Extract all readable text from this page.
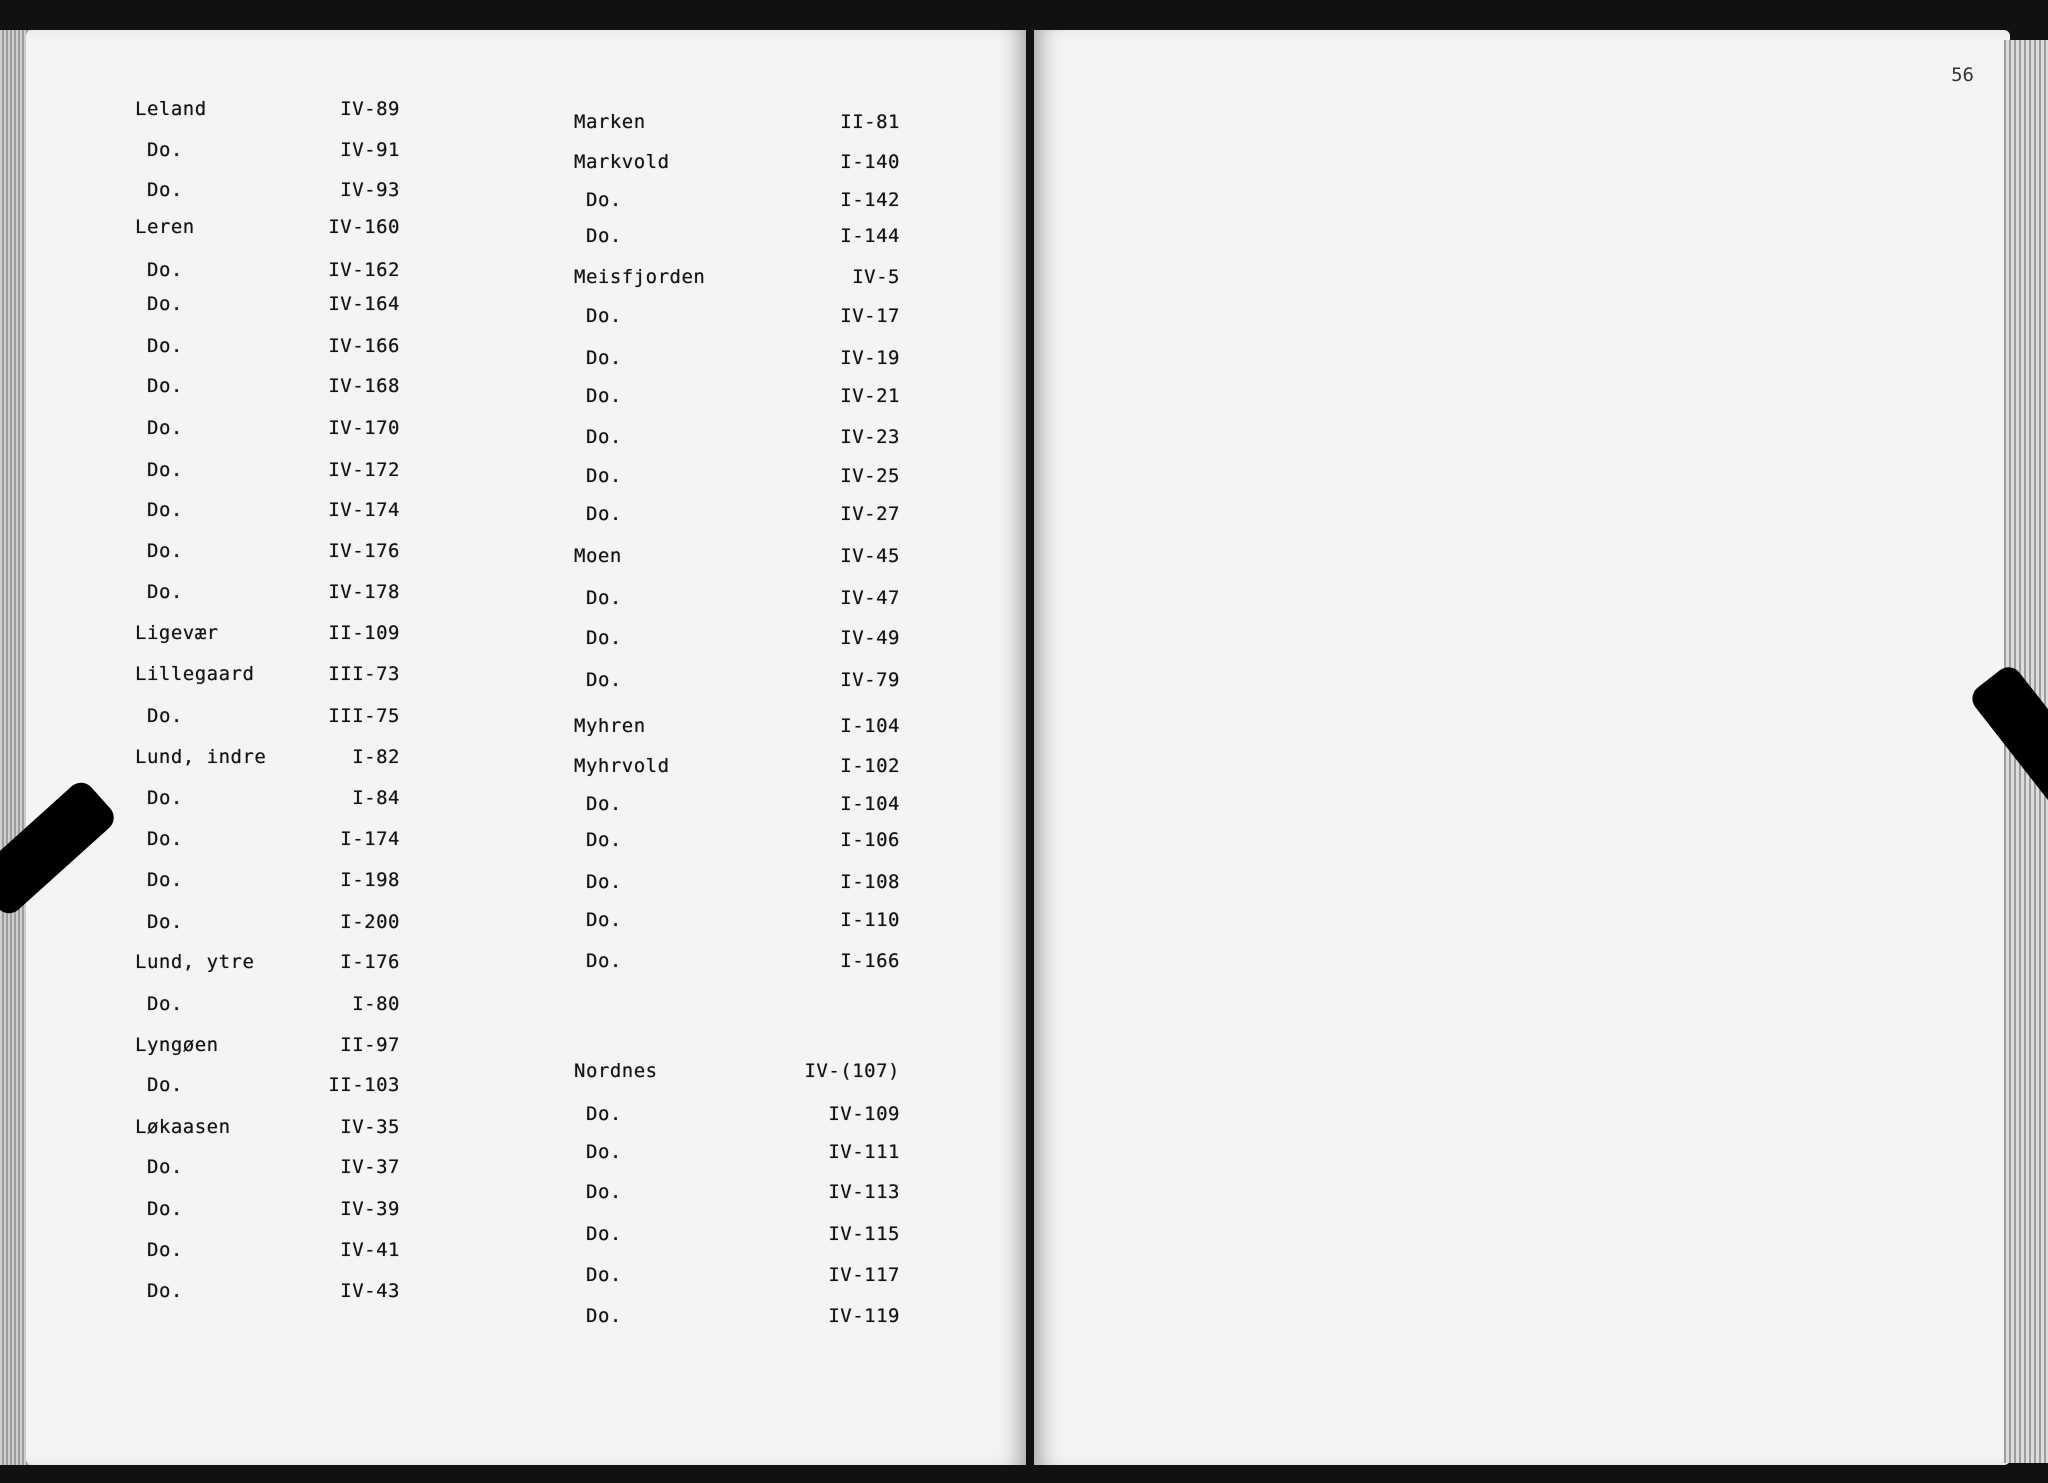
Leland	IV-89
Do.	IV-91
Do.	IV-93
Leren	IV-160
Do.	IV-162
Do.	IV-164
Do.	IV-166
Do.	IV-168
Do.	IV-170
Do.	IV-172
Do.	IV-174
Do.	IV-176
Do.	IV-178
Ligevær	II-109
Lillegaard	III-73
Do.	III-75
Lund, indre	I-82
Do.	I-84
Do.	I-174
Do.	I-198
Do.	I-200
Lund, ytre	I-176
Do.	I-80
Lyngøen	II-97
Do.	II-103
Løkaasen	IV-35
Do.	IV-37
Do.	IV-39
Do.	IV-41
Do.	IV-43
Marken	II-81
Markvold	I-140
Do.	I-142
Do.	I-144
Meisfjorden	IV-5
Do.	IV-17
Do.	IV-19
Do.	IV-21
Do.	IV-23
Do.	IV-25
Do.	IV-27
Moen	IV-45
Do.	IV-47
Do.	IV-49
Do.	IV-79
Myhren	I-104
Myhrvold	I-102
Do.	I-104
Do.	I-106
Do.	I-108
Do.	I-110
Do.	I-166
Nordnes	IV-(107)
Do.	IV-109
Do.	IV-111
Do.	IV-113
Do.	IV-115
Do.	IV-117
Do.	IV-119
56
